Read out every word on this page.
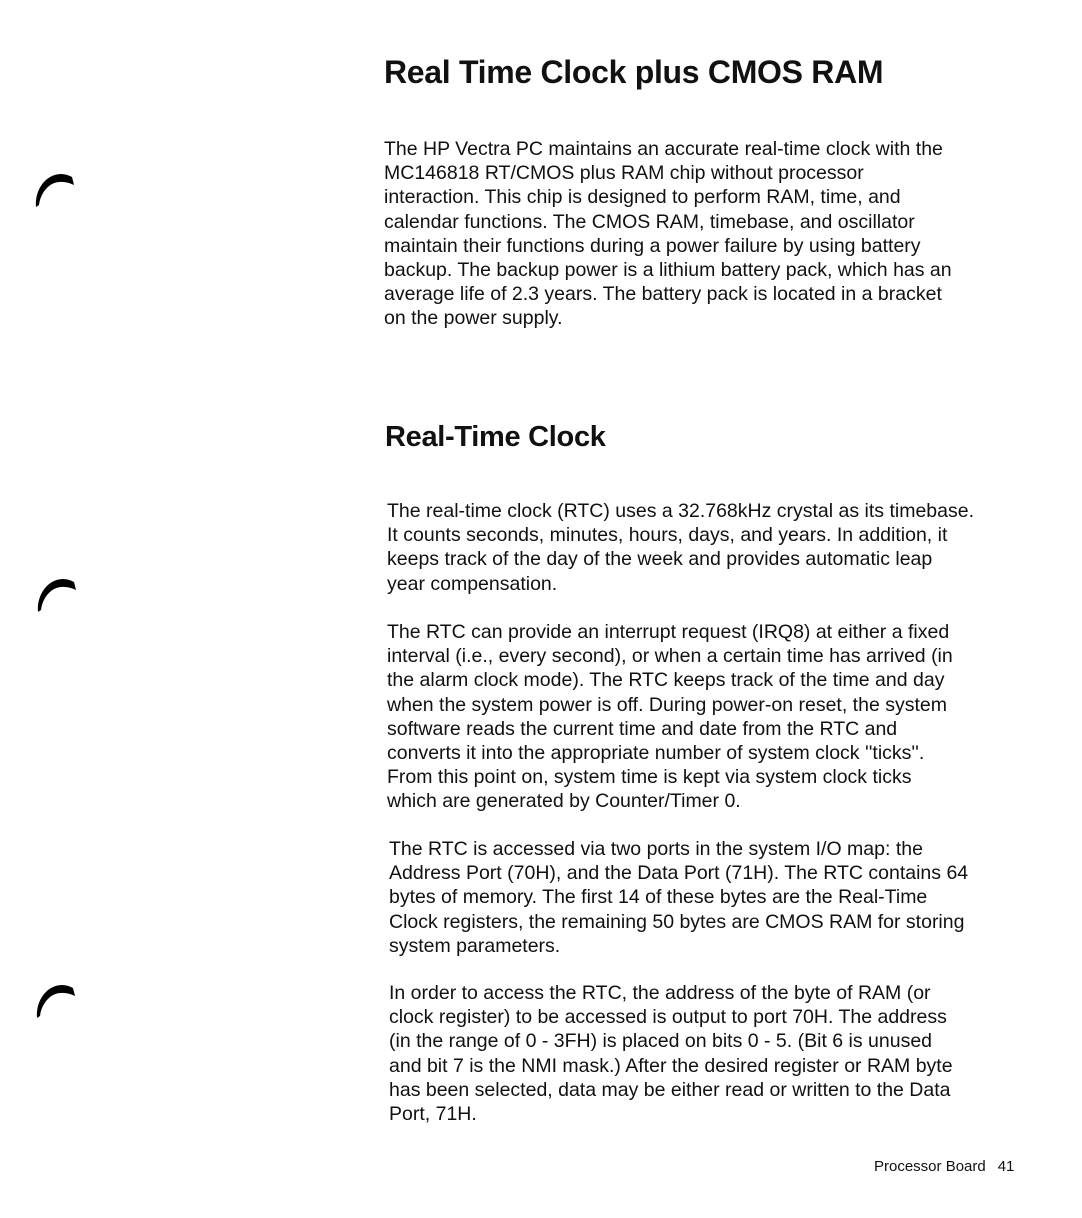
Real Time Clock plus CMOS RAM

The HP Vectra PC maintains an accurate real-time clock with the
MC146818 RT/CMOS plus RAM chip without processor
interaction. This chip is designed to perform RAM, time, and
calendar functions. The CMOS RAM, timebase, and oscillator
maintain their functions during a power failure by using battery
backup. The backup power is a lithium battery pack, which has an
average life of 2.3 years. The battery pack is located in a bracket
on the power supply.

Real-Time Clock

The real-time clock (RTC) uses a 32.768kHz crystal as its timebase.
It counts seconds, minutes, hours, days, and years. In addition, it
keeps track of the day of the week and provides automatic leap
year compensation.

The RTC can provide an interrupt request (IRQ8) at either a fixed
interval (i.e., every second), or when a certain time has arrived (in
the alarm clock mode). The RTC keeps track of the time and day
when the system power is off. During power-on reset, the system
software reads the current time and date from the RTC and
converts it into the appropriate number of system clock ''ticks''.
From this point on, system time is kept via system clock ticks
which are generated by Counter/Timer 0.

The RTC is accessed via two ports in the system I/O map: the
Address Port (70H), and the Data Port (71H). The RTC contains 64
bytes of memory. The first 14 of these bytes are the Real-Time
Clock registers, the remaining 50 bytes are CMOS RAM for storing
system parameters.

In order to access the RTC, the address of the byte of RAM (or
clock register) to be accessed is output to port 70H. The address
(in the range of 0 - 3FH) is placed on bits 0 - 5. (Bit 6 is unused
and bit 7 is the NMI mask.) After the desired register or RAM byte
has been selected, data may be either read or written to the Data
Port, 71H.

Processor Board 41
